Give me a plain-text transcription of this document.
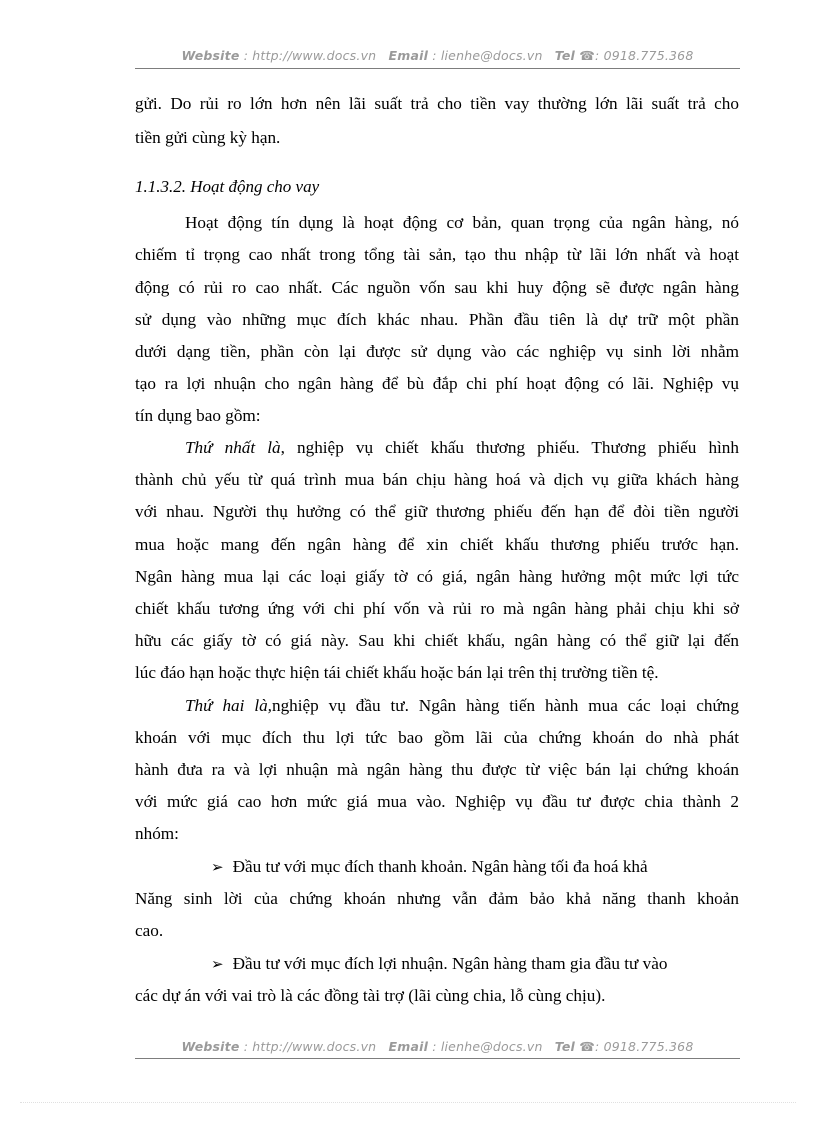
Website : http://www.docs.vn Email : lienhe@docs.vn Tel ☎: 0918.775.368
gửi. Do rủi ro lớn hơn nên lãi suất trả cho tiền vay thường lớn lãi suất trả cho
tiền gửi cùng kỳ hạn.
1.1.3.2. Hoạt động cho vay
Hoạt động tín dụng là hoạt động cơ bản, quan trọng của ngân hàng, nó
chiếm tỉ trọng cao nhất trong tổng tài sản, tạo thu nhập từ lãi lớn nhất và hoạt
động có rủi ro cao nhất. Các nguồn vốn sau khi huy động sẽ được ngân hàng
sử dụng vào những mục đích khác nhau. Phần đầu tiên là dự trữ một phần
dưới dạng tiền, phần còn lại được sử dụng vào các nghiệp vụ sinh lời nhằm
tạo ra lợi nhuận cho ngân hàng để bù đắp chi phí hoạt động có lãi. Nghiệp vụ
tín dụng bao gồm:
Thứ nhất là, nghiệp vụ chiết khấu thương phiếu. Thương phiếu hình
thành chủ yếu từ quá trình mua bán chịu hàng hoá và dịch vụ giữa khách hàng
với nhau. Người thụ hưởng có thể giữ thương phiếu đến hạn để đòi tiền người
mua hoặc mang đến ngân hàng để xin chiết khấu thương phiếu trước hạn.
Ngân hàng mua lại các loại giấy tờ có giá, ngân hàng hưởng một mức lợi tức
chiết khấu tương ứng với chi phí vốn và rủi ro mà ngân hàng phải chịu khi sở
hữu các giấy tờ có giá này. Sau khi chiết khấu, ngân hàng có thể giữ lại đến
lúc đáo hạn hoặc thực hiện tái chiết khấu hoặc bán lại trên thị trường tiền tệ.
Thứ hai là,nghiệp vụ đầu tư. Ngân hàng tiến hành mua các loại chứng
khoán với mục đích thu lợi tức bao gồm lãi của chứng khoán do nhà phát
hành đưa ra và lợi nhuận mà ngân hàng thu được từ việc bán lại chứng khoán
với mức giá cao hơn mức giá mua vào. Nghiệp vụ đầu tư được chia thành 2
nhóm:
➢ Đầu tư với mục đích thanh khoản. Ngân hàng tối đa hoá khả
Năng sinh lời của chứng khoán nhưng vẫn đảm bảo khả năng thanh khoản
cao.
➢ Đầu tư với mục đích lợi nhuận. Ngân hàng tham gia đầu tư vào
các dự án với vai trò là các đồng tài trợ (lãi cùng chia, lỗ cùng chịu).
Website : http://www.docs.vn Email : lienhe@docs.vn Tel ☎: 0918.775.368
